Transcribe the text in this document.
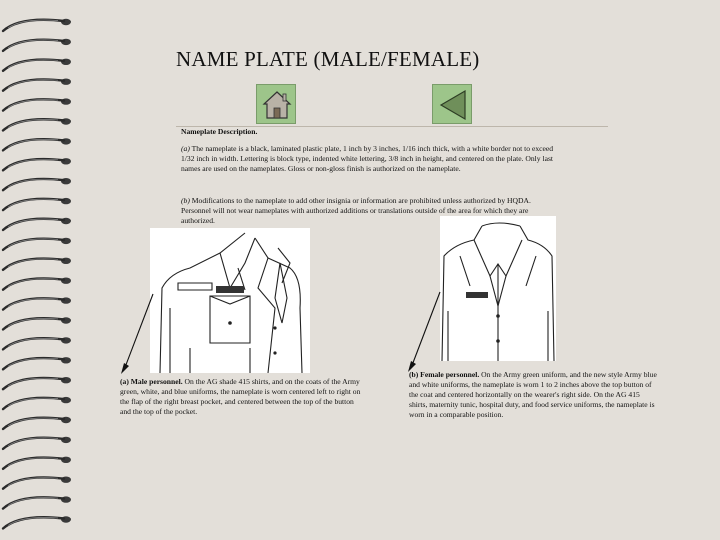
NAME PLATE (MALE/FEMALE)
Nameplate Description.
(a) The nameplate is a black, laminated plastic plate, 1 inch by 3 inches, 1/16 inch thick, with a white border not to exceed 1/32 inch in width. Lettering is block type, indented white lettering, 3/8 inch in height, and centered on the plate. Only last names are used on the nameplates. Gloss or non-gloss finish is authorized on the nameplate.
(b) Modifications to the nameplate to add other insignia or information are prohibited unless authorized by HQDA. Personnel will not wear nameplates with authorized additions or translations outside of the area for which they are authorized.
(a) Male personnel. On the AG shade 415 shirts, and on the coats of the Army green, white, and blue uniforms, the nameplate is worn centered left to right on the flap of the right breast pocket, and centered between the top of the button and the top of the pocket.
(b) Female personnel. On the Army green uniform, and the new style Army blue and white uniforms, the nameplate is worn 1 to 2 inches above the top button of the coat and centered horizontally on the wearer's right side. On the AG 415 shirts, maternity tunic, hospital duty, and food service uniforms, the nameplate is worn in a comparable position.
